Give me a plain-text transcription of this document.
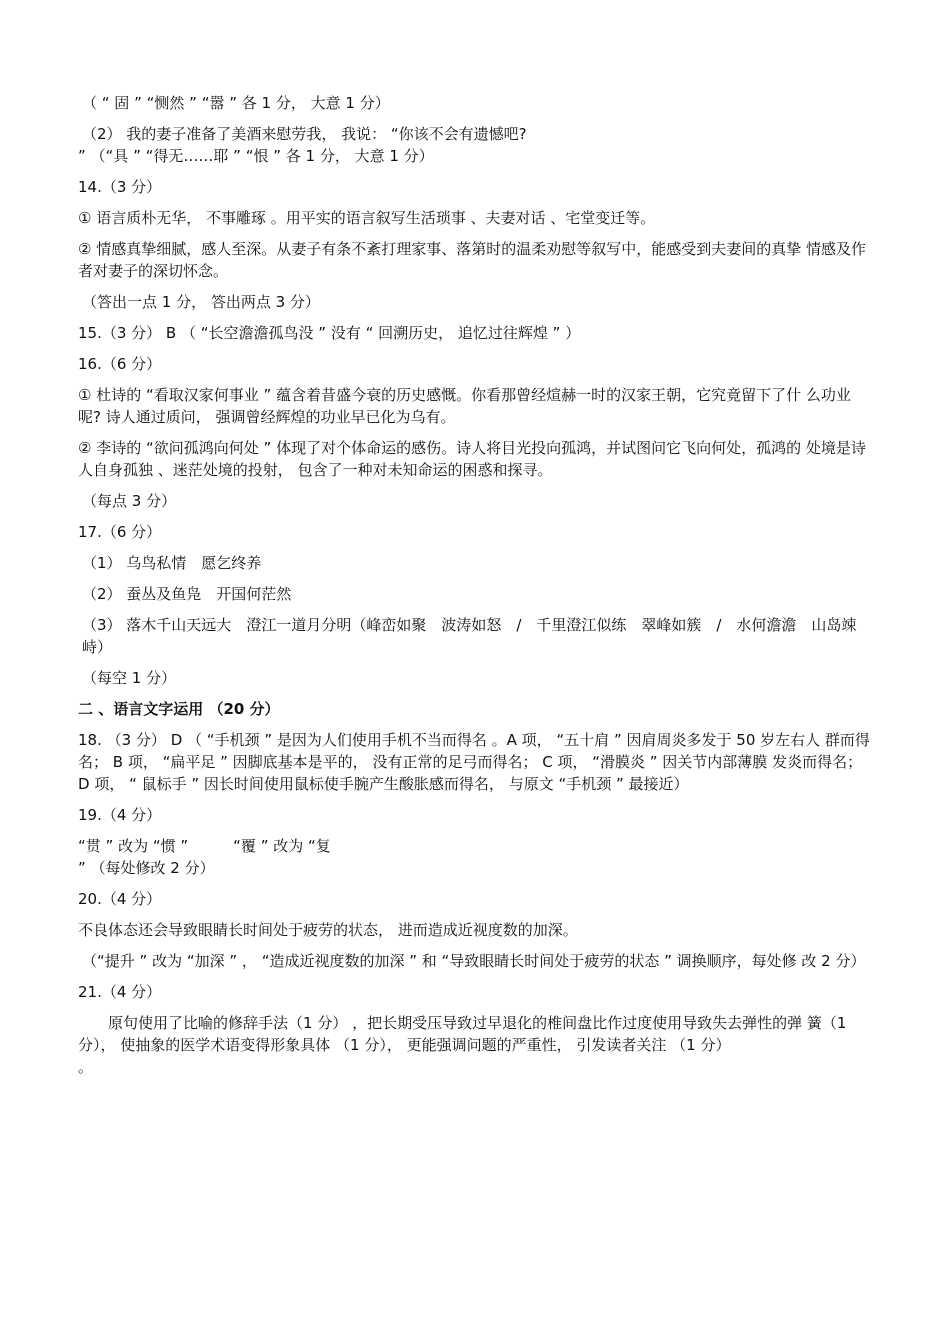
（ “ 固 ” “恻然 ” “嚣 ” 各 1 分， 大意 1 分）

（2） 我的妻子准备了美酒来慰劳我， 我说： “你该不会有遗憾吧?

” （“具 ” “得无……耶 ” “恨 ” 各 1 分， 大意 1 分）

14.（3 分）

① 语言质朴无华， 不事雕琢 。用平实的语言叙写生活琐事 、夫妻对话 、宅堂变迁等。

② 情感真挚细腻，感人至深。从妻子有条不紊打理家事、落第时的温柔劝慰等叙写中，能感受到夫妻间的真挚 情感及作者对妻子的深切怀念。

（答出一点 1 分， 答出两点 3 分）

15.（3 分） B （ “长空澹澹孤鸟没 ” 没有 “ 回溯历史， 追忆过往辉煌 ” ）

16.（6 分）

① 杜诗的 “看取汉家何事业 ” 蕴含着昔盛今衰的历史感慨。你看那曾经煊赫一时的汉家王朝，它究竟留下了什 么功业呢? 诗人通过质问， 强调曾经辉煌的功业早已化为乌有。

② 李诗的 “欲问孤鸿向何处 ” 体现了对个体命运的感伤。诗人将目光投向孤鸿，并试图问它飞向何处，孤鸿的 处境是诗人自身孤独 、迷茫处境的投射， 包含了一种对未知命运的困惑和探寻。

（每点 3 分）

17.（6 分）

（1） 乌鸟私情　愿乞终养

（2） 蚕丛及鱼凫　开国何茫然

（3） 落木千山天远大　澄江一道月分明（峰峦如聚　波涛如怒　/　千里澄江似练　翠峰如簇　/　水何澹澹　山岛竦 峙）

（每空 1 分）

二 、语言文字运用 （20 分）

18. （3 分） D （ “手机颈 ” 是因为人们使用手机不当而得名 。A 项， “五十肩 ” 因肩周炎多发于 50 岁左右人 群而得名； B 项， “扁平足 ” 因脚底基本是平的， 没有正常的足弓而得名； C 项， “滑膜炎 ” 因关节内部薄膜 发炎而得名； D 项， “ 鼠标手 ” 因长时间使用鼠标使手腕产生酸胀感而得名， 与原文 “手机颈 ” 最接近）

19.（4 分）

“贯 ” 改为 “惯 ”　　　“覆 ” 改为 “复

” （每处修改 2 分）

20.（4 分）

不良体态还会导致眼睛长时间处于疲劳的状态， 进而造成近视度数的加深。

（“提升 ” 改为 “加深 ” ， “造成近视度数的加深 ” 和 “导致眼睛长时间处于疲劳的状态 ” 调换顺序，每处修 改 2 分）

21.（4 分）

原句使用了比喻的修辞手法（1 分） ，把长期受压导致过早退化的椎间盘比作过度使用导致失去弹性的弹 簧（1 分）， 使抽象的医学术语变得形象具体 （1 分）， 更能强调问题的严重性， 引发读者关注 （1 分）

。
